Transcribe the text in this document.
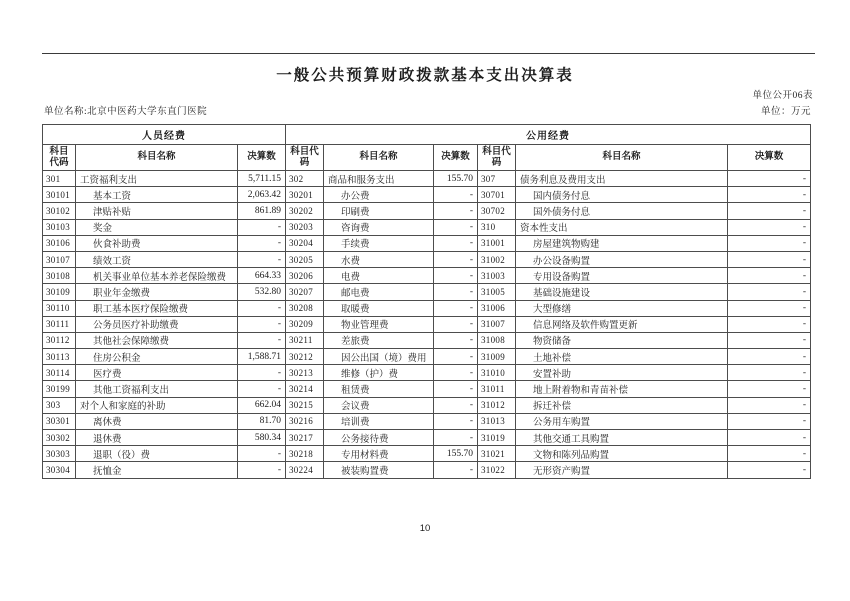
一般公共预算财政拨款基本支出决算表
单位公开06表
单位名称:北京中医药大学东直门医院	单位：万元
人员经费			公用经费					
科目代码	科目名称	决算数	科目代码	科目名称	决算数	科目代码	科目名称	决算数
301	工资福利支出	5,711.15	302	商品和服务支出	155.70	307	债务利息及费用支出	-
30101	基本工资	2,063.42	30201	办公费	-	30701	国内债务付息	-
30102	津贴补贴	861.89	30202	印刷费	-	30702	国外债务付息	-
30103	奖金	-	30203	咨询费	-	310	资本性支出	-
30106	伙食补助费	-	30204	手续费	-	31001	房屋建筑物购建	-
30107	绩效工资	-	30205	水费	-	31002	办公设备购置	-
30108	机关事业单位基本养老保险缴费	664.33	30206	电费	-	31003	专用设备购置	-
30109	职业年金缴费	532.80	30207	邮电费	-	31005	基础设施建设	-
30110	职工基本医疗保险缴费	-	30208	取暖费	-	31006	大型修缮	-
30111	公务员医疗补助缴费	-	30209	物业管理费	-	31007	信息网络及软件购置更新	-
30112	其他社会保障缴费	-	30211	差旅费	-	31008	物资储备	-
30113	住房公积金	1,588.71	30212	因公出国（境）费用	-	31009	土地补偿	-
30114	医疗费	-	30213	维修（护）费	-	31010	安置补助	-
30199	其他工资福利支出	-	30214	租赁费	-	31011	地上附着物和青苗补偿	-
303	对个人和家庭的补助	662.04	30215	会议费	-	31012	拆迁补偿	-
30301	离休费	81.70	30216	培训费	-	31013	公务用车购置	-
30302	退休费	580.34	30217	公务接待费	-	31019	其他交通工具购置	-
30303	退职（役）费	-	30218	专用材料费	155.70	31021	文物和陈列品购置	-
30304	抚恤金	-	30224	被装购置费	-	31022	无形资产购置	-
10
